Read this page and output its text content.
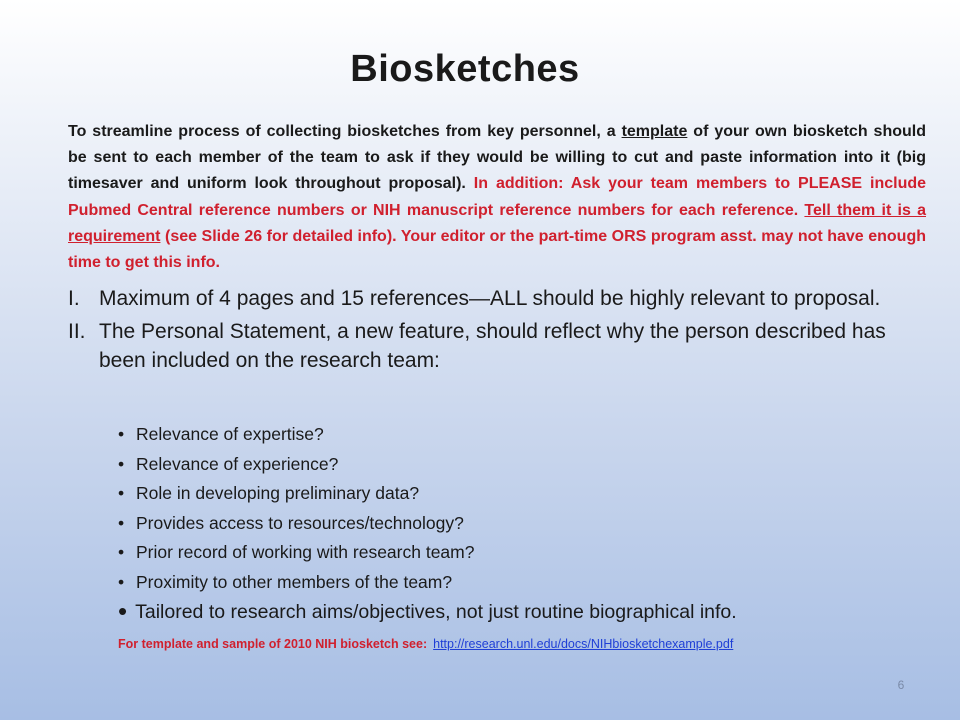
Biosketches
To streamline process of collecting biosketches from key personnel, a template of your own biosketch should be sent to each member of the team to ask if they would be willing to cut and paste information into it (big timesaver and uniform look throughout proposal). In addition: Ask your team members to PLEASE include Pubmed Central reference numbers or NIH manuscript reference numbers for each reference. Tell them it is a requirement (see Slide 26 for detailed info). Your editor or the part-time ORS program asst. may not have enough time to get this info.

I. Maximum of 4 pages and 15 references—ALL should be highly relevant to proposal.

II. The Personal Statement, a new feature, should reflect why the person described has been included on the research team:

• Relevance of expertise?
• Relevance of experience?
• Role in developing preliminary data?
• Provides access to resources/technology?
• Prior record of working with research team?
• Proximity to other members of the team?
• Tailored to research aims/objectives, not just routine biographical info.
For template and sample of 2010 NIH biosketch see: http://research.unl.edu/docs/NIHbiosketchexample.pdf
6
